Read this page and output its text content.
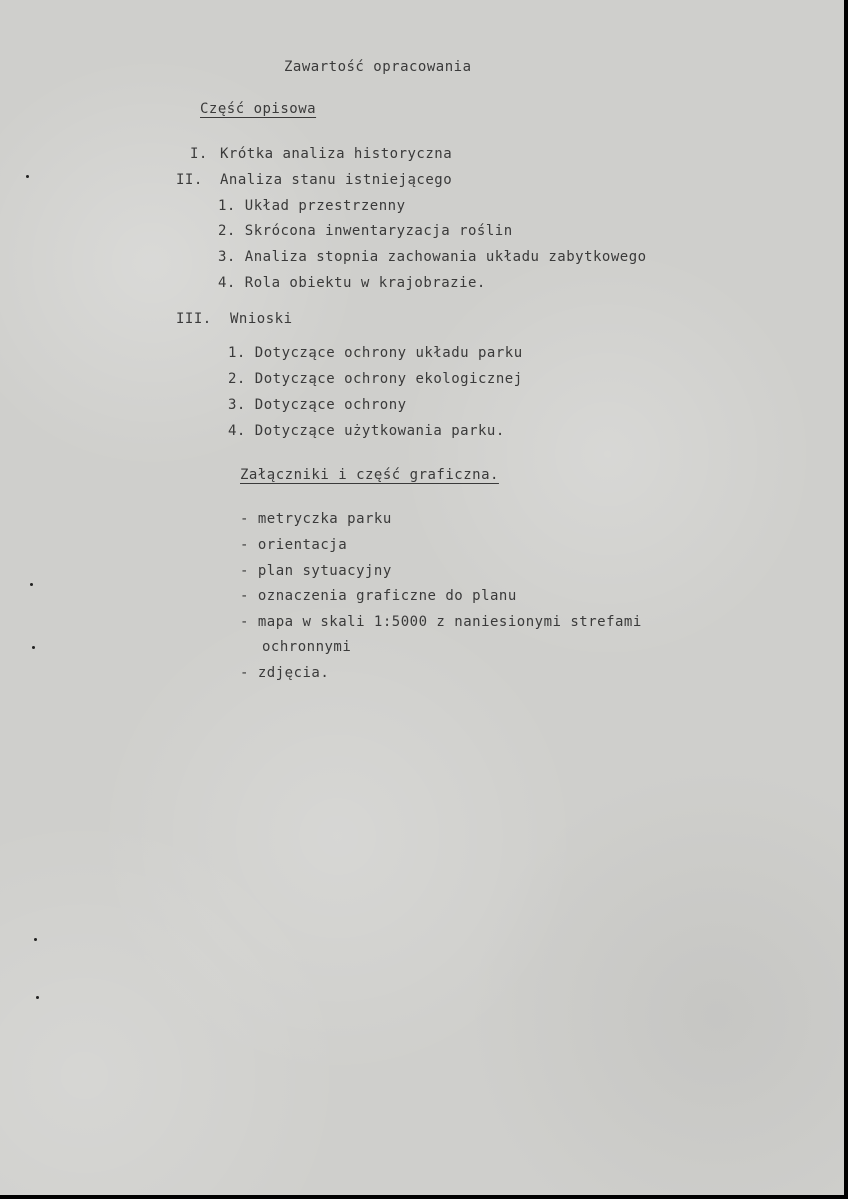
Zawartość opracowania
Część opisowa
I. Krótka analiza historyczna
II. Analiza stanu istniejącego
1. Układ przestrzenny
2. Skrócona inwentaryzacja roślin
3. Analiza stopnia zachowania układu zabytkowego
4. Rola obiektu w krajobrazie.
III. Wnioski
1. Dotyczące ochrony układu parku
2. Dotyczące ochrony ekologicznej
3. Dotyczące ochrony
4. Dotyczące użytkowania parku.
Załączniki i część graficzna.
- metryczka parku
- orientacja
- plan sytuacyjny
- oznaczenia graficzne do planu
- mapa w skali 1:5000 z naniesionymi strefami
ochronnymi
- zdjęcia.
